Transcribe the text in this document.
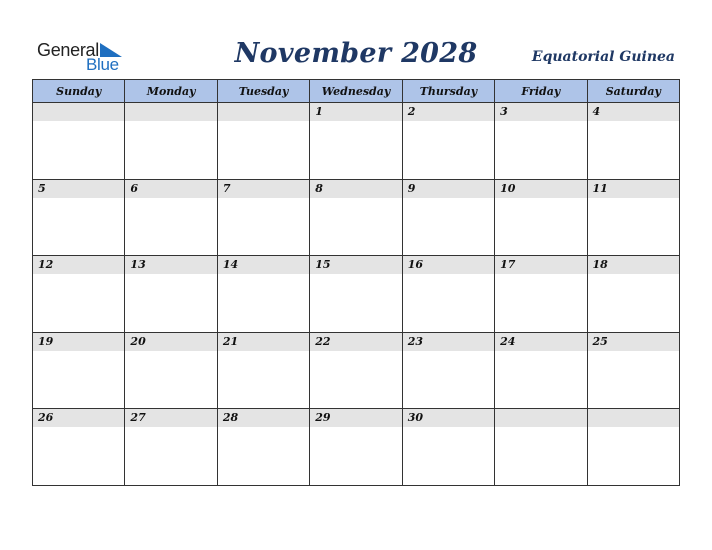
General
Blue	November 2028	Equatorial Guinea
Sunday	Monday	Tuesday	Wednesday	Thursday	Friday	Saturday

			1	2	3	4

5	6	7	8	9	10	11

12	13	14	15	16	17	18

19	20	21	22	23	24	25

26	27	28	29	30		
